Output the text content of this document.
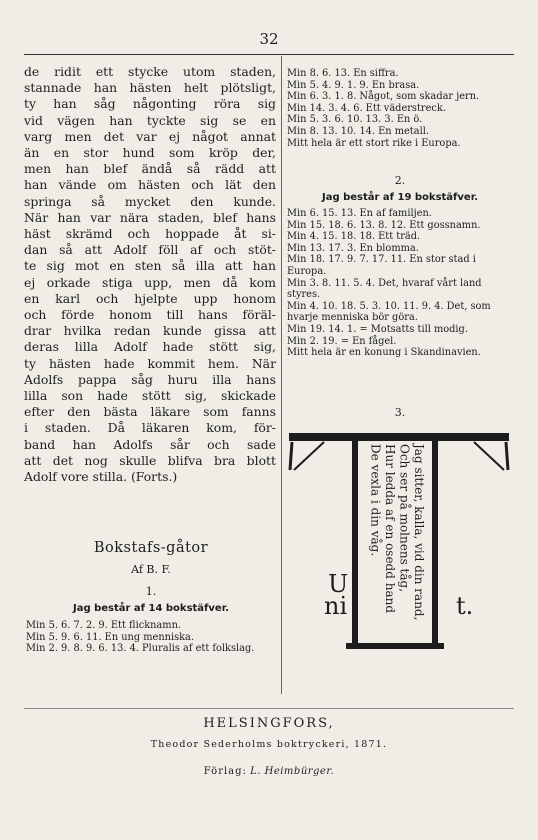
32

de ridit ett stycke utom staden,

stannade han hästen helt plötsligt,

ty han såg någonting röra sig

vid vägen han tyckte sig se en

varg men det var ej något annat

än en stor hund som kröp der,

men han blef ändå så rädd att

han vände om hästen och lät den

springa så mycket den kunde.

När han var nära staden, blef hans

häst skrämd och hoppade åt si-

dan så att Adolf föll af och stöt-

te sig mot en sten så illa att han

ej orkade stiga upp, men då kom

en karl och hjelpte upp honom

och förde honom till hans föräl-

drar hvilka redan kunde gissa att

deras lilla Adolf hade stött sig,

ty hästen hade kommit hem. När

Adolfs pappa såg huru illa hans

lilla son hade stött sig, skickade

efter den bästa läkare som fanns

i staden. Då läkaren kom, för-

band han Adolfs sår och sade

att det nog skulle blifva bra blott

Adolf vore stilla. (Forts.)

Bokstafs-gåtor
Af B. F.
1.
Jag består af 14 bokstäfver.
Min 5. 6. 7. 2. 9. Ett flicknamn.
Min 5. 9. 6. 11. En ung menniska.
Min 2. 9. 8. 9. 6. 13. 4. Pluralis af ett folkslag.
Min 8. 6. 13. En siffra.
Min 5. 4. 9. 1. 9. En brasa.
Min 6. 3. 1. 8. Något, som skadar jern.
Min 14. 3. 4. 6. Ett väderstreck.
Min 5. 3. 6. 10. 13. 3. En ö.
Min 8. 13. 10. 14. En metall.
Mitt hela är ett stort rike i Europa.
2.
Jag består af 19 bokstäfver.
Min 6. 15. 13. En af familjen.
Min 15. 18. 6. 13. 8. 12. Ett gossnamn.
Min 4. 15. 18. 18. Ett träd.
Min 13. 17. 3. En blomma.
Min 18. 17. 9. 7. 17. 11. En stor stad i Europa.
Min 3. 8. 11. 5. 4. Det, hvaraf vårt land styres.
Min 4. 10. 18. 5. 3. 10. 11. 9. 4. Det, som hvarje menniska bör göra.
Min 19. 14. 1. = Motsatts till modig.
Min 2. 19. = En fågel.
Mitt hela är en konung i Skandinavien.
3.
U
ni	t.
Jag sitter, kalla, vid din rand,
Och ser på molnens tåg,
Hur ledda af en osedd hand
De vexla i din våg.
HELSINGFORS,
Theodor Sederholms boktryckeri, 1871.
Förlag: L. Heimbürger.
